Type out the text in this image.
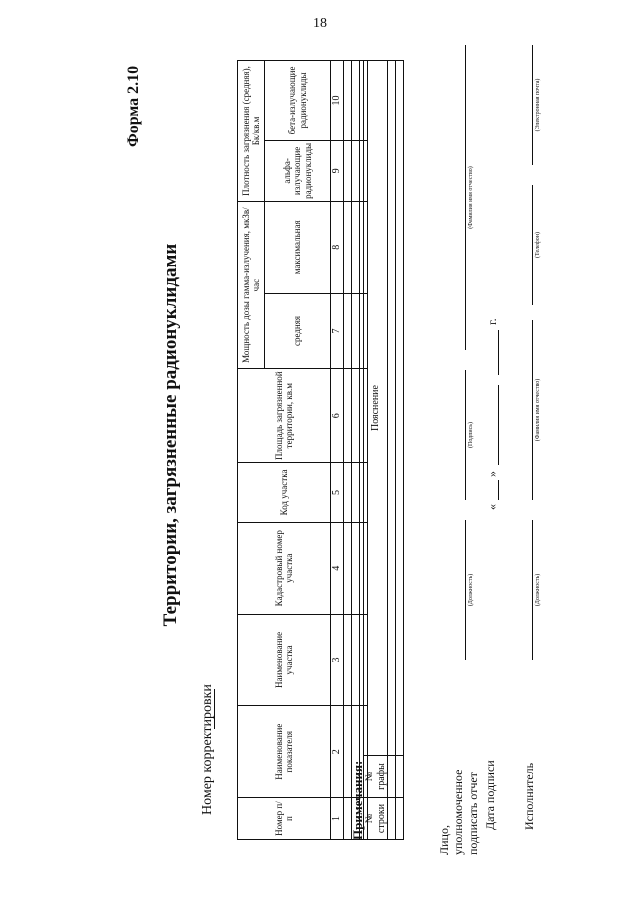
18
Форма 2.10
Территории, загрязненные радионуклидами
Номер корректировки
Номер п/п	Наименование показателя	Наименование участка	Кадастровый номер участка	Код участка	Площадь загрязненной территории, кв.м	Мощность дозы гамма-излучения, мкЗв/час		Плотность загрязнения (средняя), Бк/кв.м	
						средняя	максимальная	альфа-излучающие радионуклиды	бета-излучающие радионуклиды
1	2	3	4	5	6	7	8	9	10

Примечания: № строки	№ графы	Пояснение

Лицо, уполномоченное подписать отчет
(Должность)
(Подпись)
(Фамилия имя отчество)
Дата подписи
«
»
г.
Исполнитель
(Должность)
(Фамилия имя отчество)
(Телефон)
(Электронная почта)
